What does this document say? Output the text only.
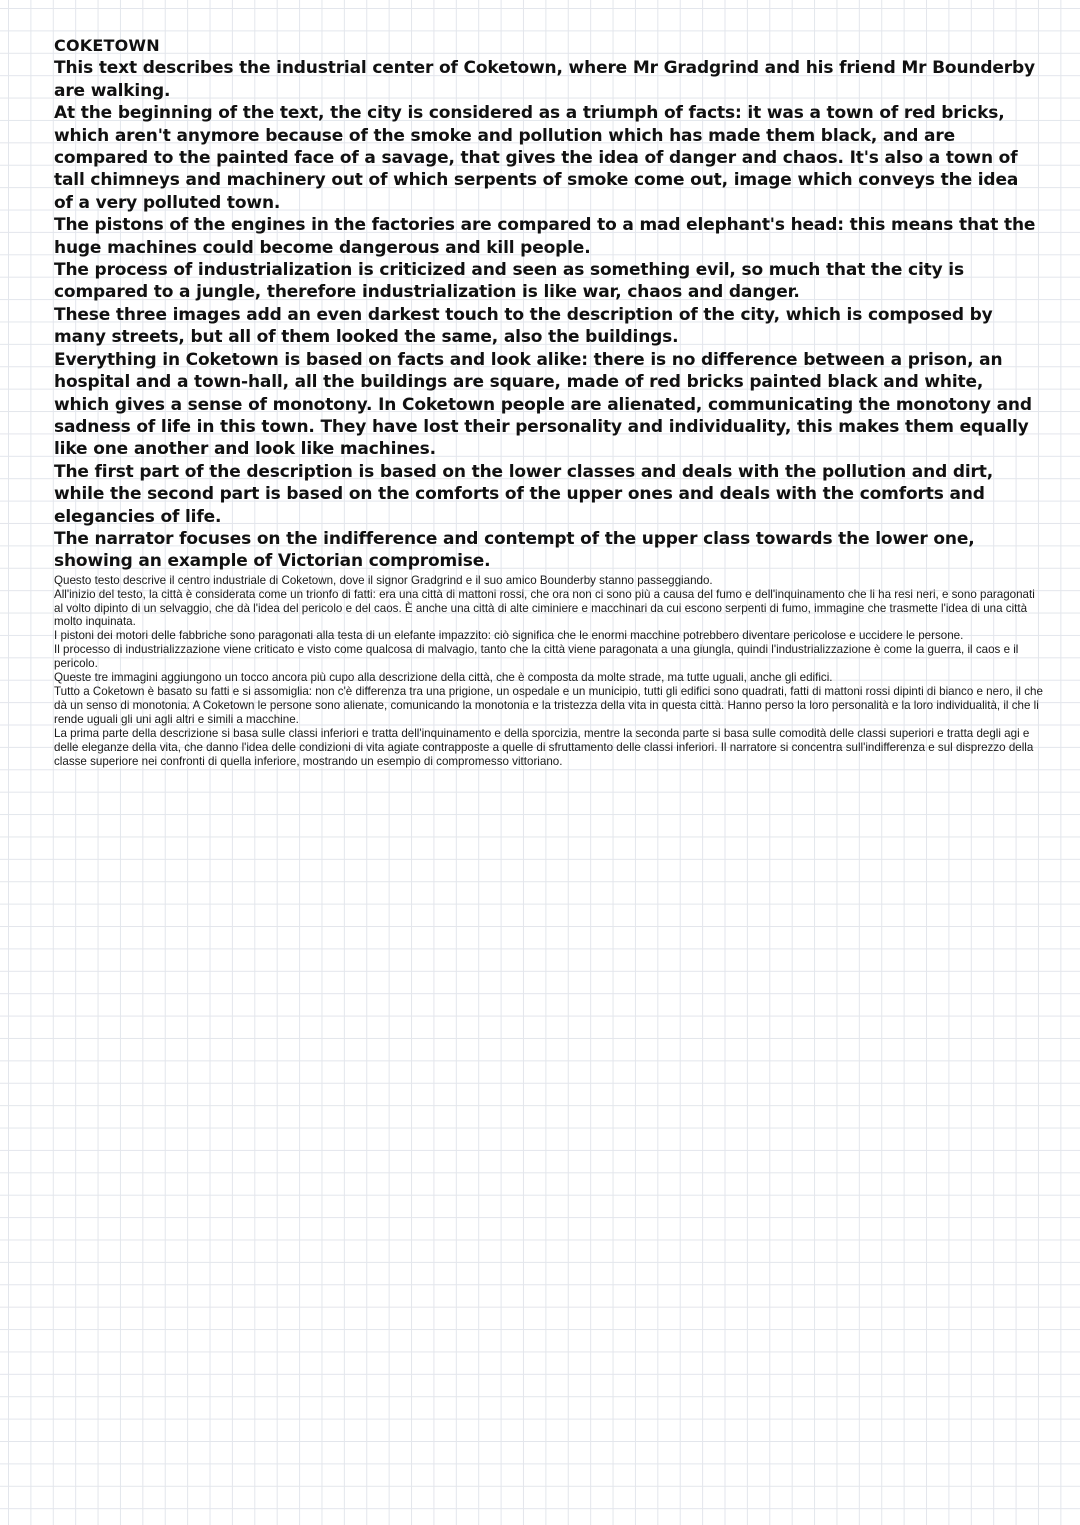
COKETOWN

This text describes the industrial center of Coketown, where Mr Gradgrind and his friend Mr Bounderby are walking.

At the beginning of the text, the city is considered as a triumph of facts: it was a town of red bricks, which aren't anymore because of the smoke and pollution which has made them black, and are compared to the painted face of a savage, that gives the idea of danger and chaos. It's also a town of tall chimneys and machinery out of which serpents of smoke come out, image which conveys the idea of a very polluted town.

The pistons of the engines in the factories are compared to a mad elephant's head: this means that the huge machines could become dangerous and kill people.

The process of industrialization is criticized and seen as something evil, so much that the city is compared to a jungle, therefore industrialization is like war, chaos and danger.

These three images add an even darkest touch to the description of the city, which is composed by many streets, but all of them looked the same, also the buildings.

Everything in Coketown is based on facts and look alike: there is no difference between a prison, an hospital and a town-hall, all the buildings are square, made of red bricks painted black and white, which gives a sense of monotony. In Coketown people are alienated, communicating the monotony and sadness of life in this town. They have lost their personality and individuality, this makes them equally like one another and look like machines.

The first part of the description is based on the lower classes and deals with the pollution and dirt, while the second part is based on the comforts of the upper ones and deals with the comforts and elegancies of life.

The narrator focuses on the indifference and contempt of the upper class towards the lower one, showing an example of Victorian compromise.

Questo testo descrive il centro industriale di Coketown, dove il signor Gradgrind e il suo amico Bounderby stanno passeggiando.

All'inizio del testo, la città è considerata come un trionfo di fatti: era una città di mattoni rossi, che ora non ci sono più a causa del fumo e dell'inquinamento che li ha resi neri, e sono paragonati al volto dipinto di un selvaggio, che dà l'idea del pericolo e del caos. È anche una città di alte ciminiere e macchinari da cui escono serpenti di fumo, immagine che trasmette l'idea di una città molto inquinata.

I pistoni dei motori delle fabbriche sono paragonati alla testa di un elefante impazzito: ciò significa che le enormi macchine potrebbero diventare pericolose e uccidere le persone.

Il processo di industrializzazione viene criticato e visto come qualcosa di malvagio, tanto che la città viene paragonata a una giungla, quindi l'industrializzazione è come la guerra, il caos e il pericolo.

Queste tre immagini aggiungono un tocco ancora più cupo alla descrizione della città, che è composta da molte strade, ma tutte uguali, anche gli edifici.

Tutto a Coketown è basato su fatti e si assomiglia: non c'è differenza tra una prigione, un ospedale e un municipio, tutti gli edifici sono quadrati, fatti di mattoni rossi dipinti di bianco e nero, il che dà un senso di monotonia. A Coketown le persone sono alienate, comunicando la monotonia e la tristezza della vita in questa città. Hanno perso la loro personalità e la loro individualità, il che li rende uguali gli uni agli altri e simili a macchine.

La prima parte della descrizione si basa sulle classi inferiori e tratta dell'inquinamento e della sporcizia, mentre la seconda parte si basa sulle comodità delle classi superiori e tratta degli agi e delle eleganze della vita, che danno l'idea delle condizioni di vita agiate contrapposte a quelle di sfruttamento delle classi inferiori. Il narratore si concentra sull'indifferenza e sul disprezzo della classe superiore nei confronti di quella inferiore, mostrando un esempio di compromesso vittoriano.
